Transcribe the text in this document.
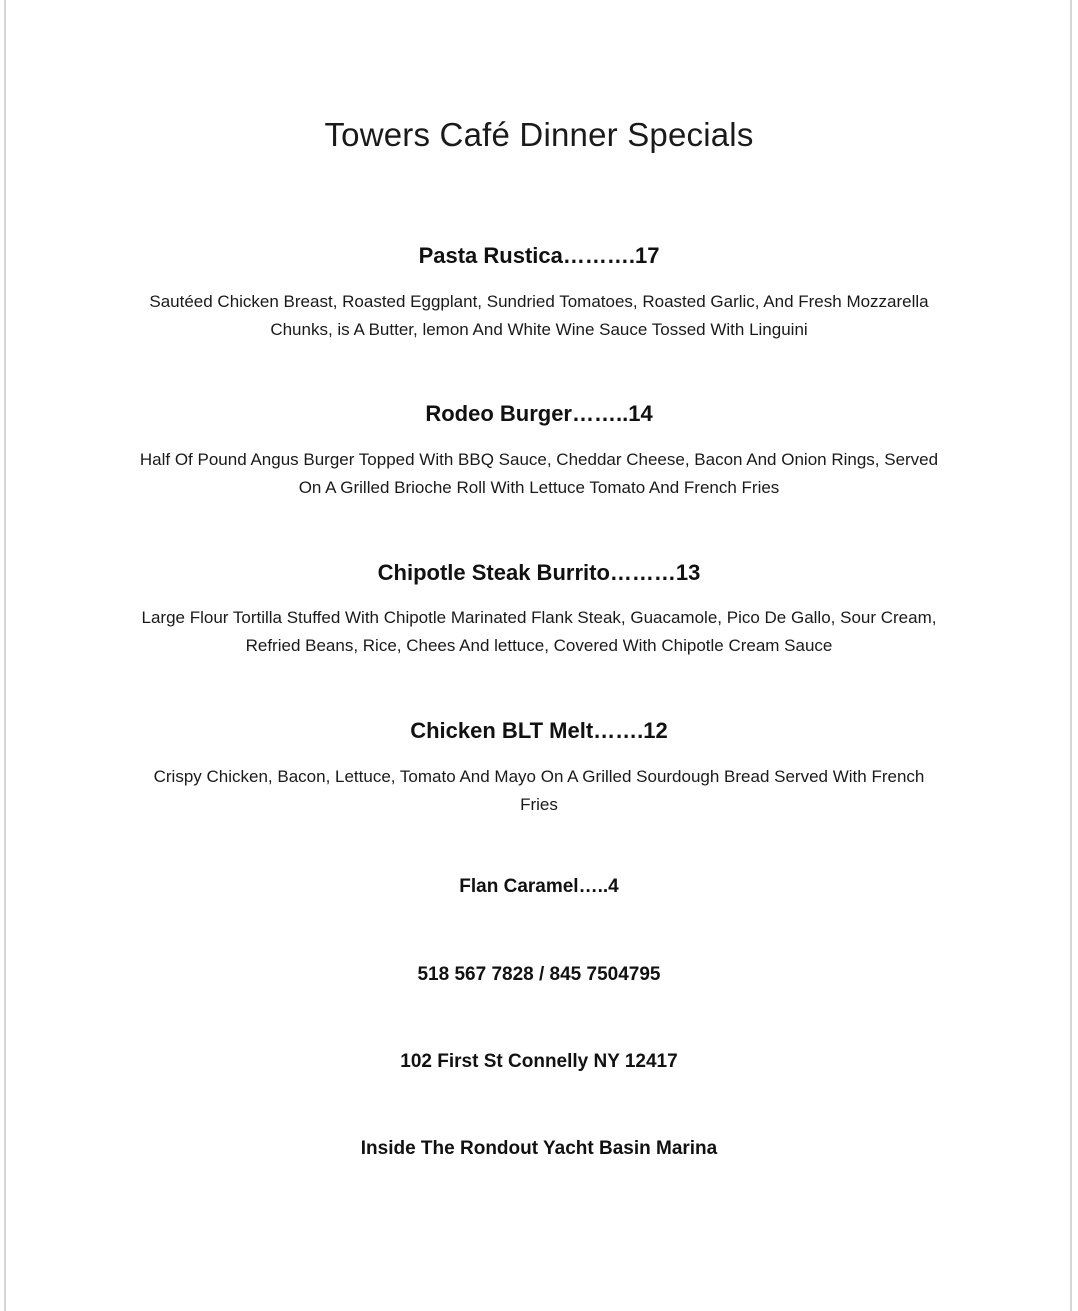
Towers Café Dinner Specials
Pasta Rustica……….17
Sautéed Chicken Breast, Roasted Eggplant, Sundried Tomatoes, Roasted Garlic, And Fresh Mozzarella Chunks, is A Butter, lemon And White Wine Sauce Tossed With Linguini
Rodeo Burger……..14
Half Of Pound Angus Burger Topped With BBQ Sauce, Cheddar Cheese, Bacon And Onion Rings, Served On A Grilled Brioche Roll With Lettuce Tomato And French Fries
Chipotle Steak Burrito………13
Large Flour Tortilla Stuffed With Chipotle Marinated Flank Steak, Guacamole, Pico De Gallo, Sour Cream, Refried Beans, Rice, Chees And lettuce, Covered With Chipotle Cream Sauce
Chicken BLT Melt…….12
Crispy Chicken, Bacon, Lettuce, Tomato And Mayo On A Grilled Sourdough Bread Served With French Fries
Flan Caramel…..4
518 567 7828 / 845 7504795
102 First St Connelly NY 12417
Inside The Rondout Yacht Basin Marina
